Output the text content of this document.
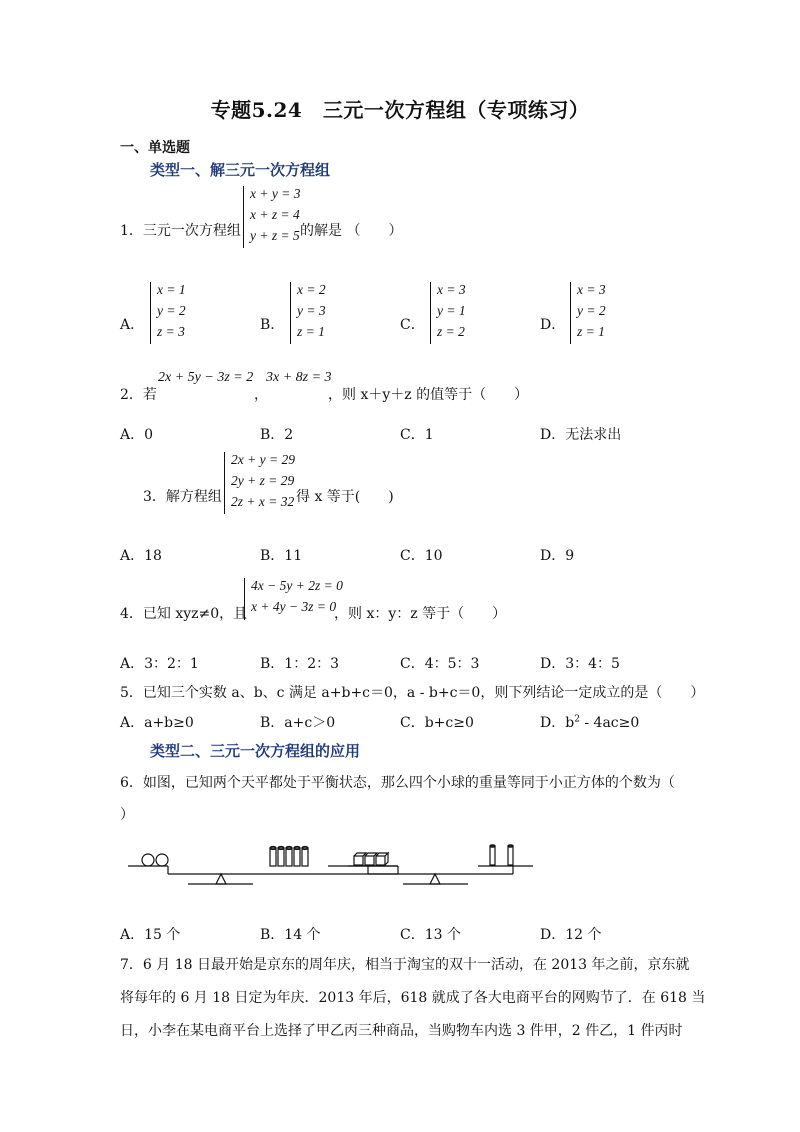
专题5.24　三元一次方程组（专项练习）
一、单选题
类型一、解三元一次方程组
1．三元一次方程组
x + y = 3
x + z = 4
y + z = 5 的解是 （　　）
A．
x = 1
y = 2
z = 3	B．
x = 2
y = 3
z = 1	C．
x = 3
y = 1
z = 2	D．
x = 3
y = 2
z = 1
2．若
2x + 5y − 3z = 2
，
3x + 8z = 3
，则 x＋y＋z 的值等于（　　）
A．0	B．2	C．1	D．无法求出
3．解方程组
2x + y = 29
2y + z = 29
2z + x = 32 得 x 等于(　　)
A．18	B．11	C．10	D．9
4．已知 xyz≠0，且
4x − 5y + 2z = 0
x + 4y − 3z = 0
，则 x：y：z 等于（　　）
A．3：2：1	B．1：2：3	C．4：5：3	D．3：4：5
5．已知三个实数 a、b、c 满足 a+b+c＝0，a - b+c＝0，则下列结论一定成立的是（　　）
A．a+b≥0	B．a+c＞0	C．b+c≥0	D．$b^2 - 4ac\ge 0$
类型二、三元一次方程组的应用
6．如图，已知两个天平都处于平衡状态，那么四个小球的重量等同于小正方体的个数为（
）
A．15 个	B．14 个	C．13 个	D．12 个
7．6 月 18 日最开始是京东的周年庆，相当于淘宝的双十一活动，在 2013 年之前，京东就
将每年的 6 月 18 日定为年庆．2013 年后，618 就成了各大电商平台的网购节了．在 618 当
日，小李在某电商平台上选择了甲乙丙三种商品，当购物车内选 3 件甲，2 件乙，1 件丙时
